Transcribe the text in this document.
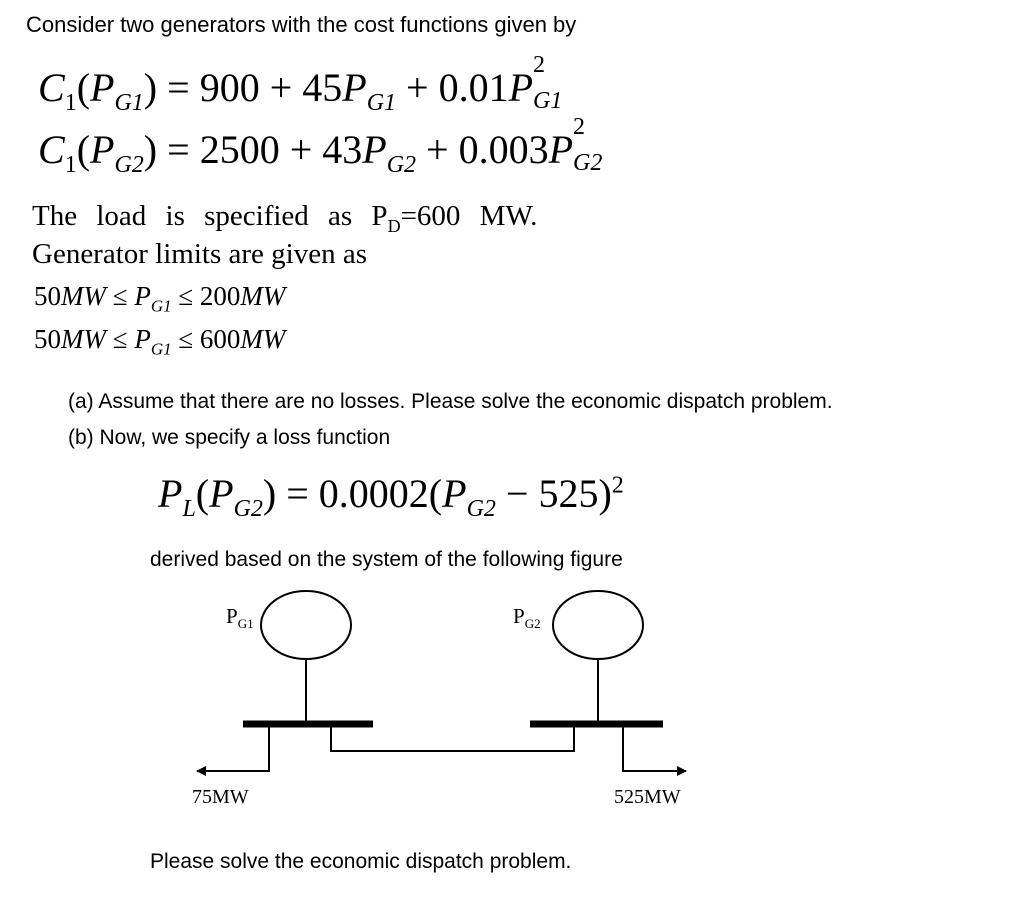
Consider two generators with the cost functions given by
$C_1(P_{G1}) = 900 + 45P_{G1} + 0.01P$ 2
G1
$C_1(P_{G2}) = 2500 + 43P_{G2} + 0.003P$ 2
G2
The load is specified as $P_D=600$ MW.
Generator limits are given as
$50MW \le P_{G1} \le 200MW$
$50MW \le P_{G1} \le 600MW$
(a) Assume that there are no losses. Please solve the economic dispatch problem.
(b) Now, we specify a loss function
$P_L(P_{G2}) = 0.0002(P_{G2} - 525)^2$
derived based on the system of the following figure
$P_{G1}$	$P_{G2}$
75MW	525MW
Please solve the economic dispatch problem.
